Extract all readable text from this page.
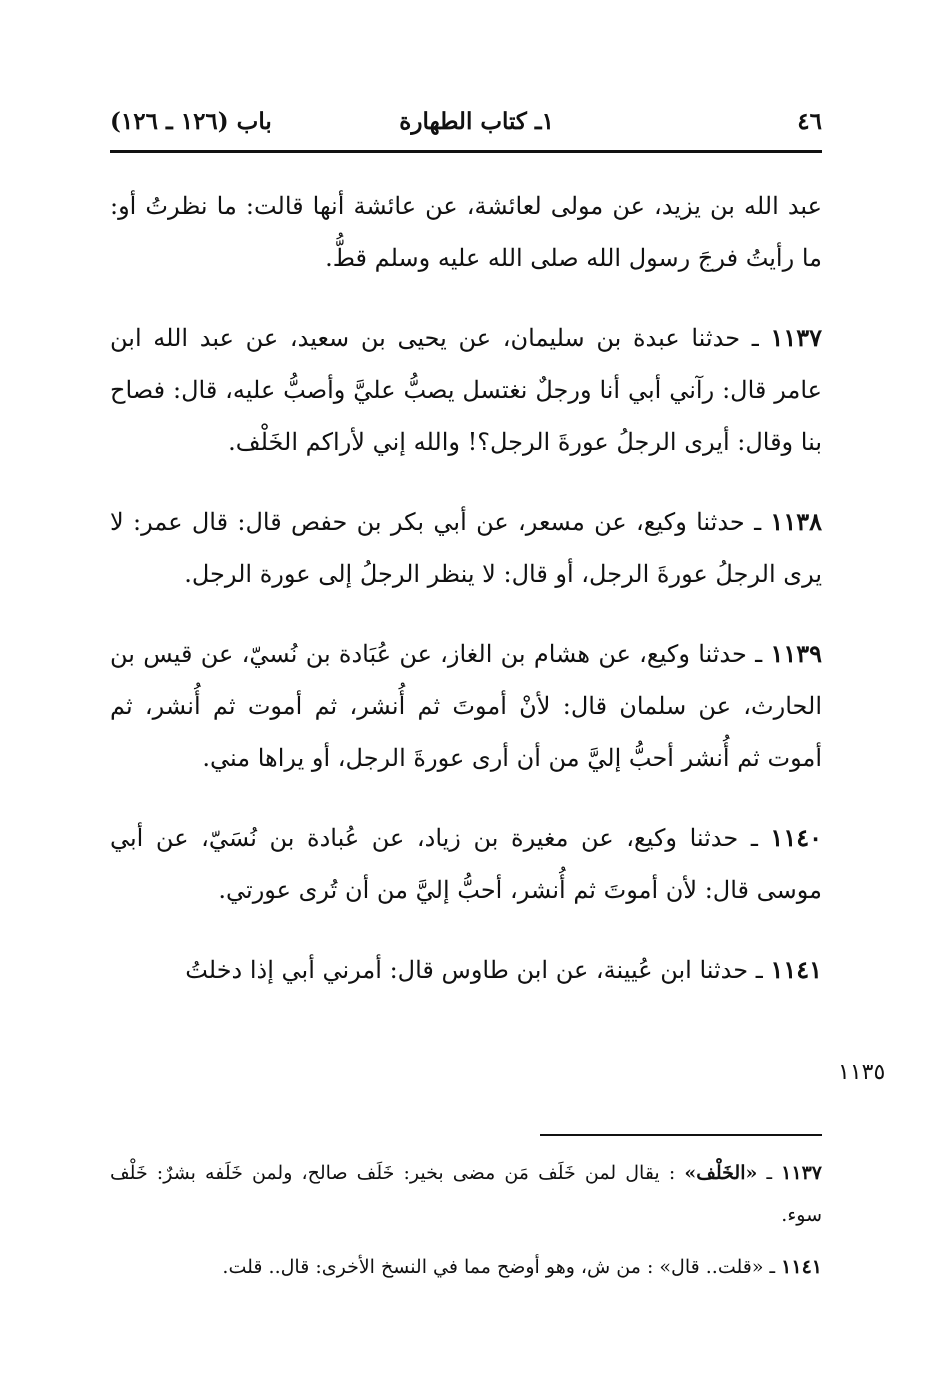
٤٦
١ـ كتاب الطهارة
باب (١٢٦ ـ ١٢٦)

عبد الله بن يزيد، عن مولى لعائشة، عن عائشة أنها قالت: ما نظرتُ أو: ما رأيتُ فرجَ رسول الله صلى الله عليه وسلم قطُّ.

١١٣٧ ـ حدثنا عبدة بن سليمان، عن يحيى بن سعيد، عن عبد الله ابن عامر قال: رآني أبي أنا ورجلٌ نغتسل يصبُّ عليَّ وأصبُّ عليه، قال: فصاح بنا وقال: أيرى الرجلُ عورةَ الرجل؟! والله إني لأراكم الخَلْف.

١١٣٨ ـ حدثنا وكيع، عن مسعر، عن أبي بكر بن حفص قال: قال عمر: لا يرى الرجلُ عورةَ الرجل، أو قال: لا ينظر الرجلُ إلى عورة الرجل.

١١٣٩ ـ حدثنا وكيع، عن هشام بن الغاز، عن عُبَادة بن نُسيّ، عن قيس بن الحارث، عن سلمان قال: لأنْ أموتَ ثم أُنشر، ثم أموت ثم أُنشر، ثم أموت ثم أُنشر أحبُّ إليَّ من أن أرى عورةَ الرجل، أو يراها مني.

١١٤٠ ـ حدثنا وكيع، عن مغيرة بن زياد، عن عُبادة بن نُسَيّ، عن أبي موسى قال: لأن أموتَ ثم أُنشر، أحبُّ إليَّ من أن تُرى عورتي.

١١٤١ ـ حدثنا ابن عُيينة، عن ابن طاوس قال: أمرني أبي إذا دخلتُ

١١٣٥

١١٣٧ ـ «الخَلْف» : يقال لمن خَلَف مَن مضى بخير: خَلَف صالح، ولمن خَلَفه بشرٌ: خَلْف سوء.

١١٤١ ـ «قلت.. قال» : من ش، وهو أوضح مما في النسخ الأخرى: قال.. قلت.
